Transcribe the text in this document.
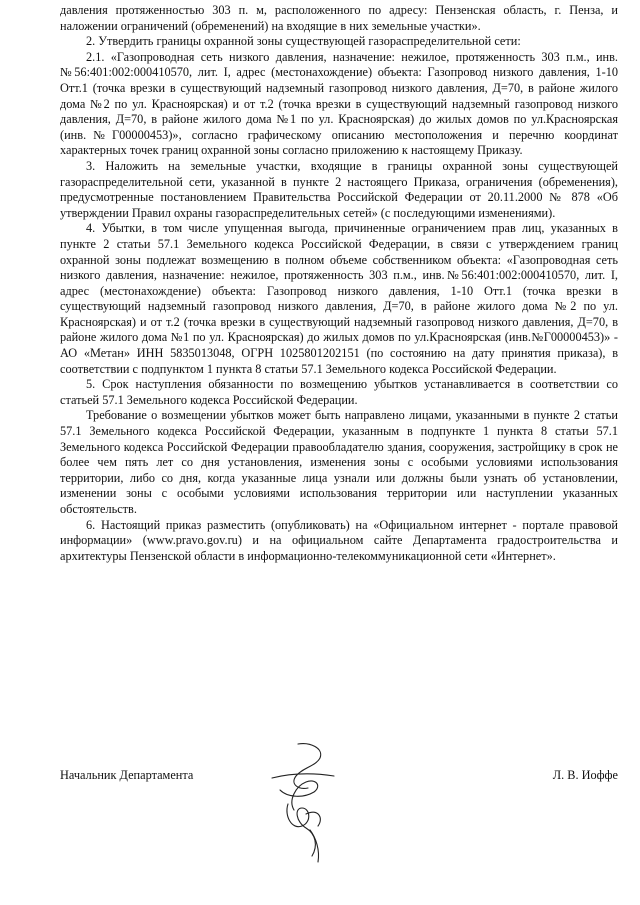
давления протяженностью 303 п. м, расположенного по адресу: Пензенская область, г. Пенза, и наложении ограничений (обременений) на входящие в них земельные участки».

2. Утвердить границы охранной зоны существующей газораспределительной сети:

2.1. «Газопроводная сеть низкого давления, назначение: нежилое, протяженность 303 п.м., инв.№56:401:002:000410570, лит. I, адрес (местонахождение) объекта: Газопровод низкого давления, 1-10 Отт.1 (точка врезки в существующий надземный газопровод низкого давления, Д=70, в районе жилого дома №2 по ул. Красноярская) и от т.2 (точка врезки в существующий надземный газопровод низкого давления, Д=70, в районе жилого дома №1 по ул. Красноярская) до жилых домов по ул.Красноярская (инв.№Г00000453)», согласно графическому описанию местоположения и перечню координат характерных точек границ охранной зоны согласно приложению к настоящему Приказу.

3. Наложить на земельные участки, входящие в границы охранной зоны существующей газораспределительной сети, указанной в пункте 2 настоящего Приказа, ограничения (обременения), предусмотренные постановлением Правительства Российской Федерации от 20.11.2000 № 878 «Об утверждении Правил охраны газораспределительных сетей» (с последующими изменениями).

4. Убытки, в том числе упущенная выгода, причиненные ограничением прав лиц, указанных в пункте 2 статьи 57.1 Земельного кодекса Российской Федерации, в связи с утверждением границ охранной зоны подлежат возмещению в полном объеме собственником объекта: «Газопроводная сеть низкого давления, назначение: нежилое, протяженность 303 п.м., инв.№56:401:002:000410570, лит. I, адрес (местонахождение) объекта: Газопровод низкого давления, 1-10 Отт.1 (точка врезки в существующий надземный газопровод низкого давления, Д=70, в районе жилого дома №2 по ул. Красноярская) и от т.2 (точка врезки в существующий надземный газопровод низкого давления, Д=70, в районе жилого дома №1 по ул. Красноярская) до жилых домов по ул.Красноярская (инв.№Г00000453)» - АО «Метан» ИНН 5835013048, ОГРН 1025801202151 (по состоянию на дату принятия приказа), в соответствии с подпунктом 1 пункта 8 статьи 57.1 Земельного кодекса Российской Федерации.

5. Срок наступления обязанности по возмещению убытков устанавливается в соответствии со статьей 57.1 Земельного кодекса Российской Федерации.

Требование о возмещении убытков может быть направлено лицами, указанными в пункте 2 статьи 57.1 Земельного кодекса Российской Федерации, указанным в подпункте 1 пункта 8 статьи 57.1 Земельного кодекса Российской Федерации правообладателю здания, сооружения, застройщику в срок не более чем пять лет со дня установления, изменения зоны с особыми условиями использования территории, либо со дня, когда указанные лица узнали или должны были узнать об установлении, изменении зоны с особыми условиями использования территории или наступлении указанных обстоятельств.

6. Настоящий приказ разместить (опубликовать) на «Официальном интернет - портале правовой информации» (www.pravo.gov.ru) и на официальном сайте Департамента градостроительства и архитектуры Пензенской области в информационно-телекоммуникационной сети «Интернет».

Начальник Департамента	Л. В. Иоффе
